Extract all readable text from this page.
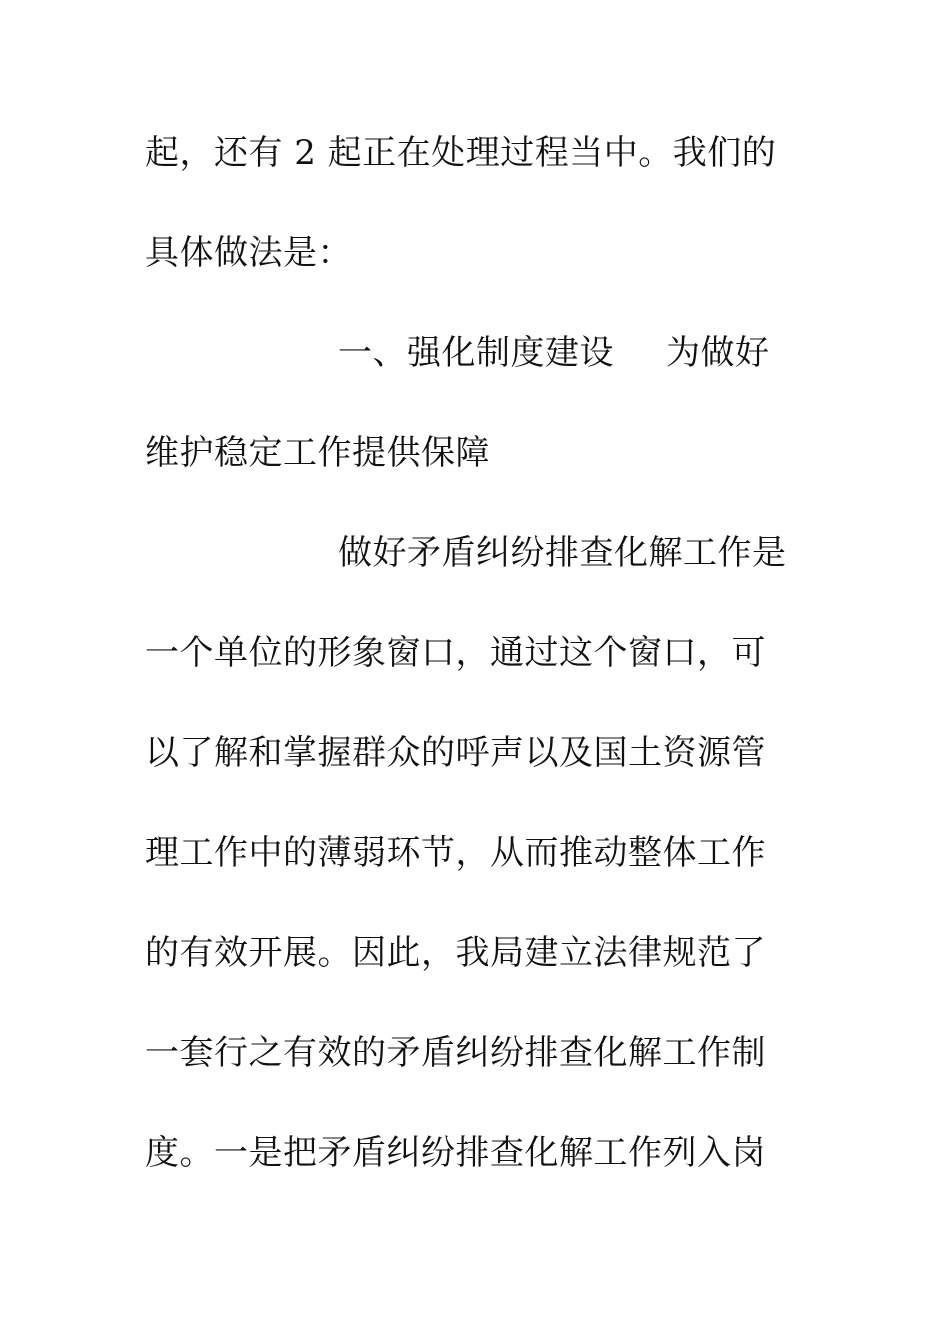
起，还有 2 起正在处理过程当中。我们的
具体做法是：
一、强化制度建设 为做好
维护稳定工作提供保障
做好矛盾纠纷排查化解工作是
一个单位的形象窗口，通过这个窗口，可
以了解和掌握群众的呼声以及国土资源管
理工作中的薄弱环节，从而推动整体工作
的有效开展。因此，我局建立法律规范了
一套行之有效的矛盾纠纷排查化解工作制
度。一是把矛盾纠纷排查化解工作列入岗
